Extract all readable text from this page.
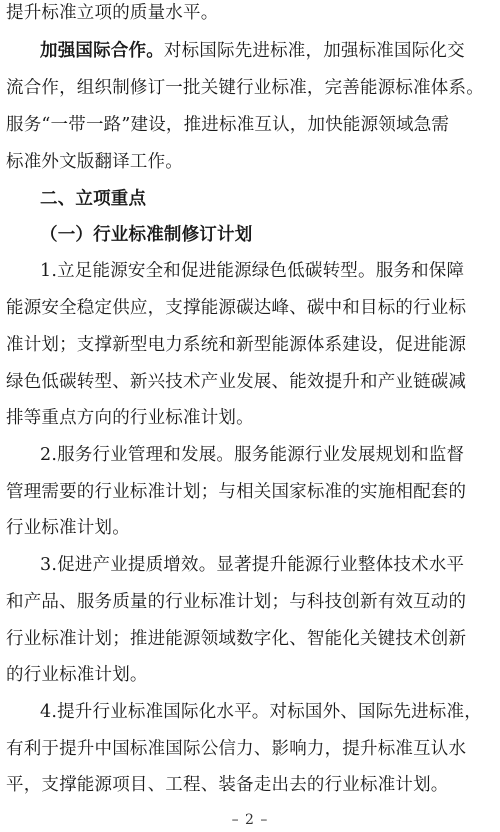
提升标准立项的质量水平。
加强国际合作。对标国际先进标准，加强标准国际化交
流合作，组织制修订一批关键行业标准，完善能源标准体系。
服务“一带一路”建设，推进标准互认，加快能源领域急需
标准外文版翻译工作。
二、立项重点
（一）行业标准制修订计划
1.立足能源安全和促进能源绿色低碳转型。服务和保障
能源安全稳定供应，支撑能源碳达峰、碳中和目标的行业标
准计划；支撑新型电力系统和新型能源体系建设，促进能源
绿色低碳转型、新兴技术产业发展、能效提升和产业链碳减
排等重点方向的行业标准计划。
2.服务行业管理和发展。服务能源行业发展规划和监督
管理需要的行业标准计划；与相关国家标准的实施相配套的
行业标准计划。
3.促进产业提质增效。显著提升能源行业整体技术水平
和产品、服务质量的行业标准计划；与科技创新有效互动的
行业标准计划；推进能源领域数字化、智能化关键技术创新
的行业标准计划。
4.提升行业标准国际化水平。对标国外、国际先进标准，
有利于提升中国标准国际公信力、影响力，提升标准互认水
平，支撑能源项目、工程、装备走出去的行业标准计划。
– 2 –
